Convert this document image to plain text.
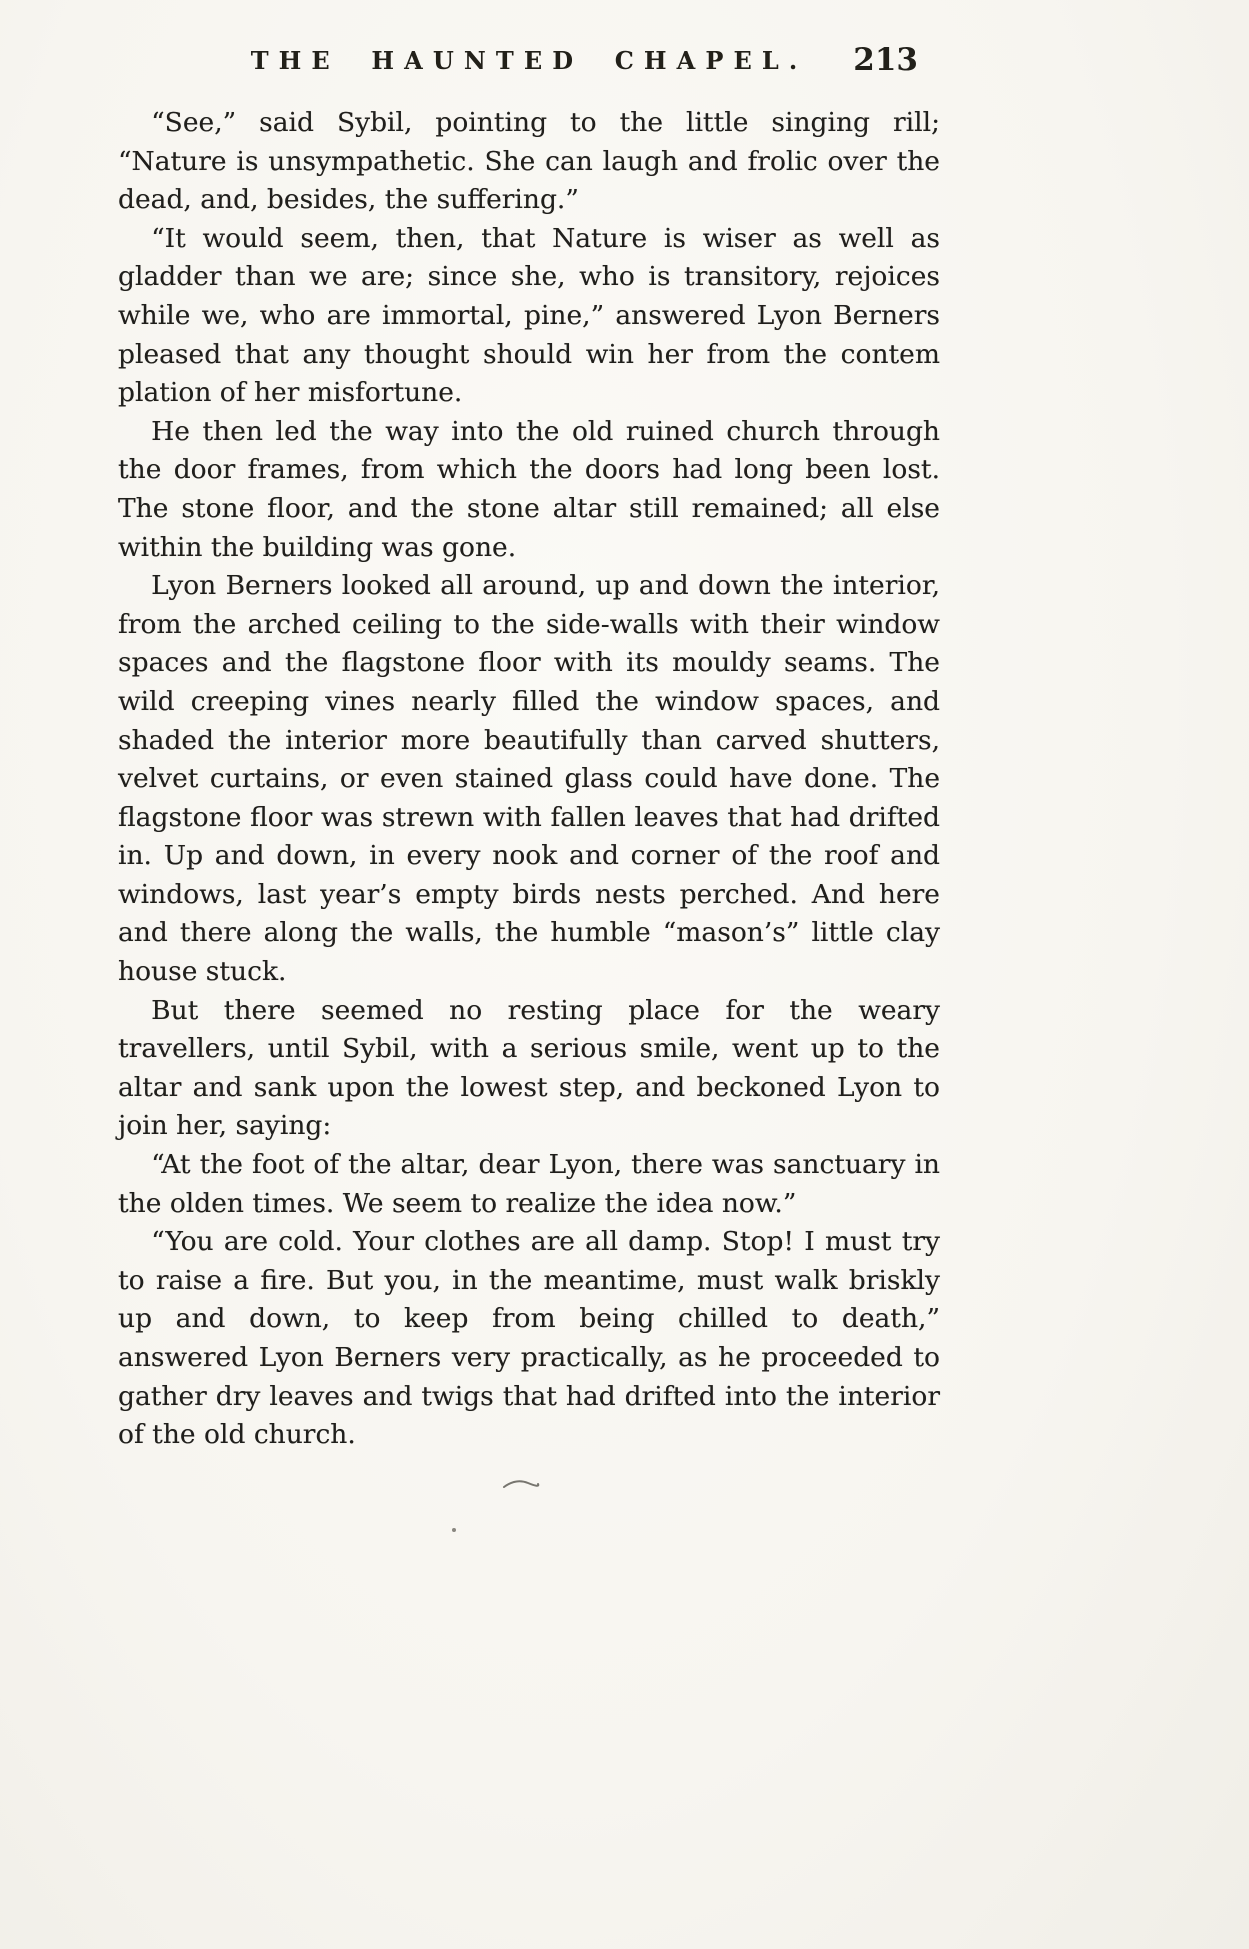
THE HAUNTED CHAPEL.	213

“See,” said Sybil, pointing to the little singing rill; “Nature is unsympathetic. She can laugh and frolic over the dead, and, besides, the suffering.”

“It would seem, then, that Nature is wiser as well as gladder than we are; since she, who is transitory, rejoices while we, who are immortal, pine,” answered Lyon Berners pleased that any thought should win her from the contem plation of her misfortune.

He then led the way into the old ruined church through the door frames, from which the doors had long been lost. The stone floor, and the stone altar still remained; all else within the building was gone.

Lyon Berners looked all around, up and down the interior, from the arched ceiling to the side-walls with their window spaces and the flagstone floor with its mouldy seams. The wild creeping vines nearly filled the window spaces, and shaded the interior more beautifully than carved shutters, velvet curtains, or even stained glass could have done. The flagstone floor was strewn with fallen leaves that had drifted in. Up and down, in every nook and corner of the roof and windows, last year’s empty birds nests perched. And here and there along the walls, the humble “mason’s” little clay house stuck.

But there seemed no resting place for the weary travellers, until Sybil, with a serious smile, went up to the altar and sank upon the lowest step, and beckoned Lyon to join her, saying:

“At the foot of the altar, dear Lyon, there was sanctuary in the olden times. We seem to realize the idea now.”

“You are cold. Your clothes are all damp. Stop! I must try to raise a fire. But you, in the meantime, must walk briskly up and down, to keep from being chilled to death,” answered Lyon Berners very practically, as he proceeded to gather dry leaves and twigs that had drifted into the interior of the old church.
